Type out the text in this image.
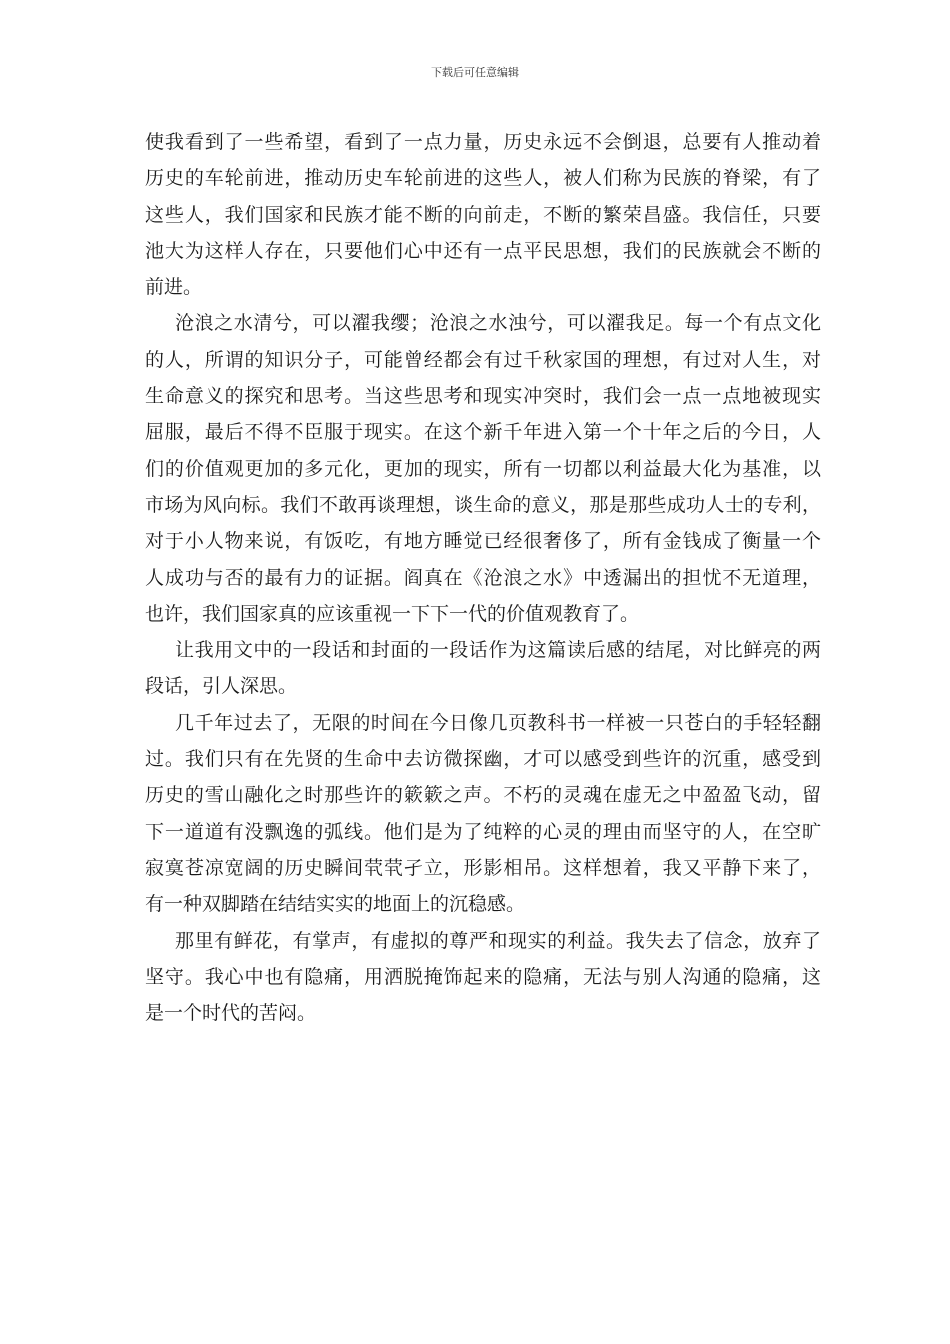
下载后可任意编辑
使我看到了一些希望，看到了一点力量，历史永远不会倒退，总要有人推动着
历史的车轮前进，推动历史车轮前进的这些人，被人们称为民族的脊梁，有了
这些人，我们国家和民族才能不断的向前走，不断的繁荣昌盛。我信任，只要
池大为这样人存在，只要他们心中还有一点平民思想，我们的民族就会不断的
前进。
沧浪之水清兮，可以濯我缨；沧浪之水浊兮，可以濯我足。每一个有点文化
的人，所谓的知识分子，可能曾经都会有过千秋家国的理想，有过对人生，对
生命意义的探究和思考。当这些思考和现实冲突时，我们会一点一点地被现实
屈服，最后不得不臣服于现实。在这个新千年进入第一个十年之后的今日，人
们的价值观更加的多元化，更加的现实，所有一切都以利益最大化为基准，以
市场为风向标。我们不敢再谈理想，谈生命的意义，那是那些成功人士的专利，
对于小人物来说，有饭吃，有地方睡觉已经很奢侈了，所有金钱成了衡量一个
人成功与否的最有力的证据。阎真在《沧浪之水》中透漏出的担忧不无道理，
也许，我们国家真的应该重视一下下一代的价值观教育了。
让我用文中的一段话和封面的一段话作为这篇读后感的结尾，对比鲜亮的两
段话，引人深思。
几千年过去了，无限的时间在今日像几页教科书一样被一只苍白的手轻轻翻
过。我们只有在先贤的生命中去访微探幽，才可以感受到些许的沉重，感受到
历史的雪山融化之时那些许的簌簌之声。不朽的灵魂在虚无之中盈盈飞动，留
下一道道有没飘逸的弧线。他们是为了纯粹的心灵的理由而坚守的人，在空旷
寂寞苍凉宽阔的历史瞬间茕茕孑立，形影相吊。这样想着，我又平静下来了，
有一种双脚踏在结结实实的地面上的沉稳感。
那里有鲜花，有掌声，有虚拟的尊严和现实的利益。我失去了信念，放弃了
坚守。我心中也有隐痛，用洒脱掩饰起来的隐痛，无法与别人沟通的隐痛，这
是一个时代的苦闷。
